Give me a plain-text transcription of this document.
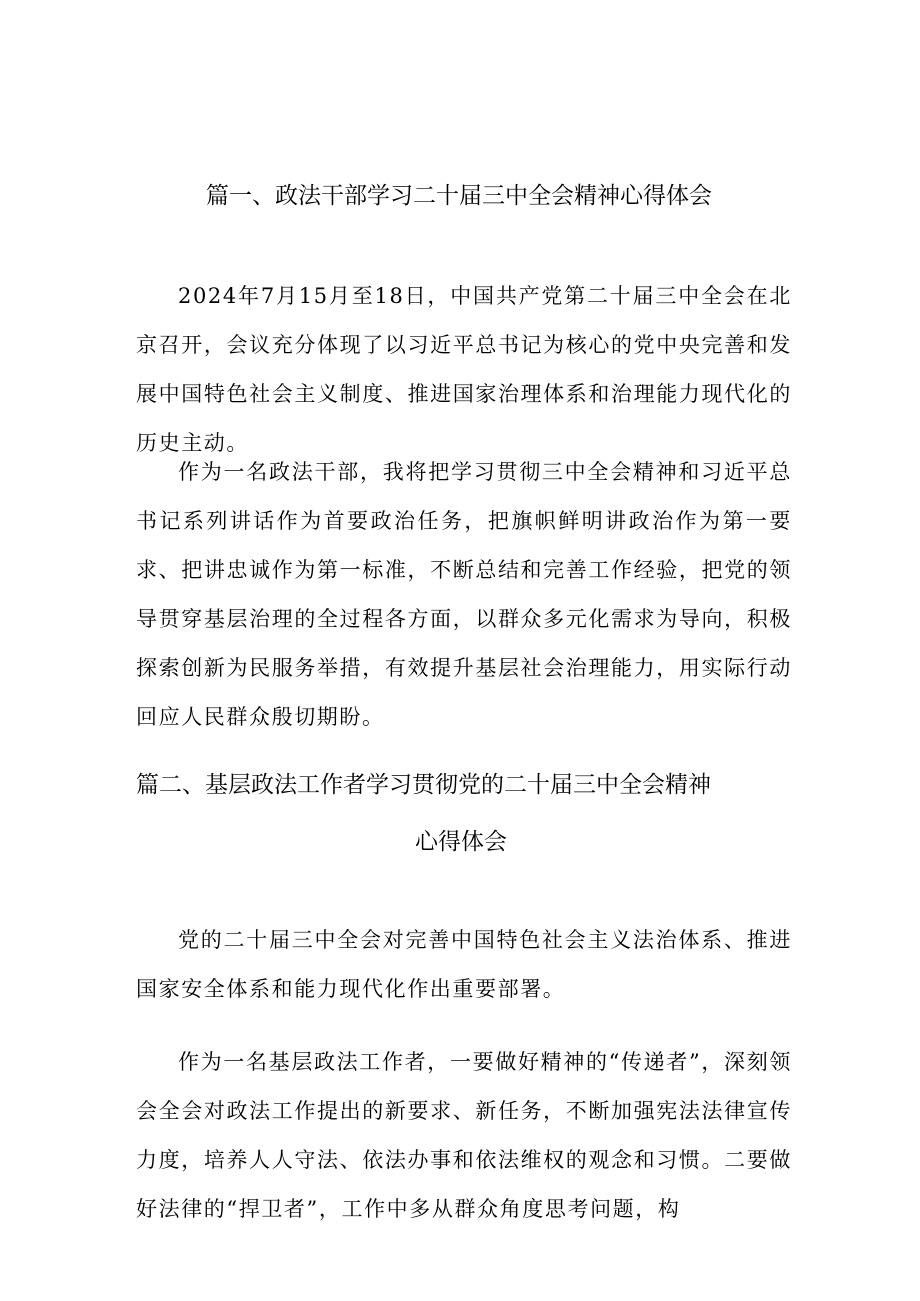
篇一、政法干部学习二十届三中全会精神心得体会

2024年7月15月至18日，中国共产党第二十届三中全会在北京召开，会议充分体现了以习近平总书记为核心的党中央完善和发展中国特色社会主义制度、推进国家治理体系和治理能力现代化的历史主动。

作为一名政法干部，我将把学习贯彻三中全会精神和习近平总书记系列讲话作为首要政治任务，把旗帜鲜明讲政治作为第一要求、把讲忠诚作为第一标准，不断总结和完善工作经验，把党的领导贯穿基层治理的全过程各方面，以群众多元化需求为导向，积极探索创新为民服务举措，有效提升基层社会治理能力，用实际行动回应人民群众殷切期盼。

篇二、基层政法工作者学习贯彻党的二十届三中全会精神
心得体会

党的二十届三中全会对完善中国特色社会主义法治体系、推进国家安全体系和能力现代化作出重要部署。

作为一名基层政法工作者，一要做好精神的“传递者”，深刻领会全会对政法工作提出的新要求、新任务，不断加强宪法法律宣传力度，培养人人守法、依法办事和依法维权的观念和习惯。二要做好法律的“捍卫者”，工作中多从群众角度思考问题，构
